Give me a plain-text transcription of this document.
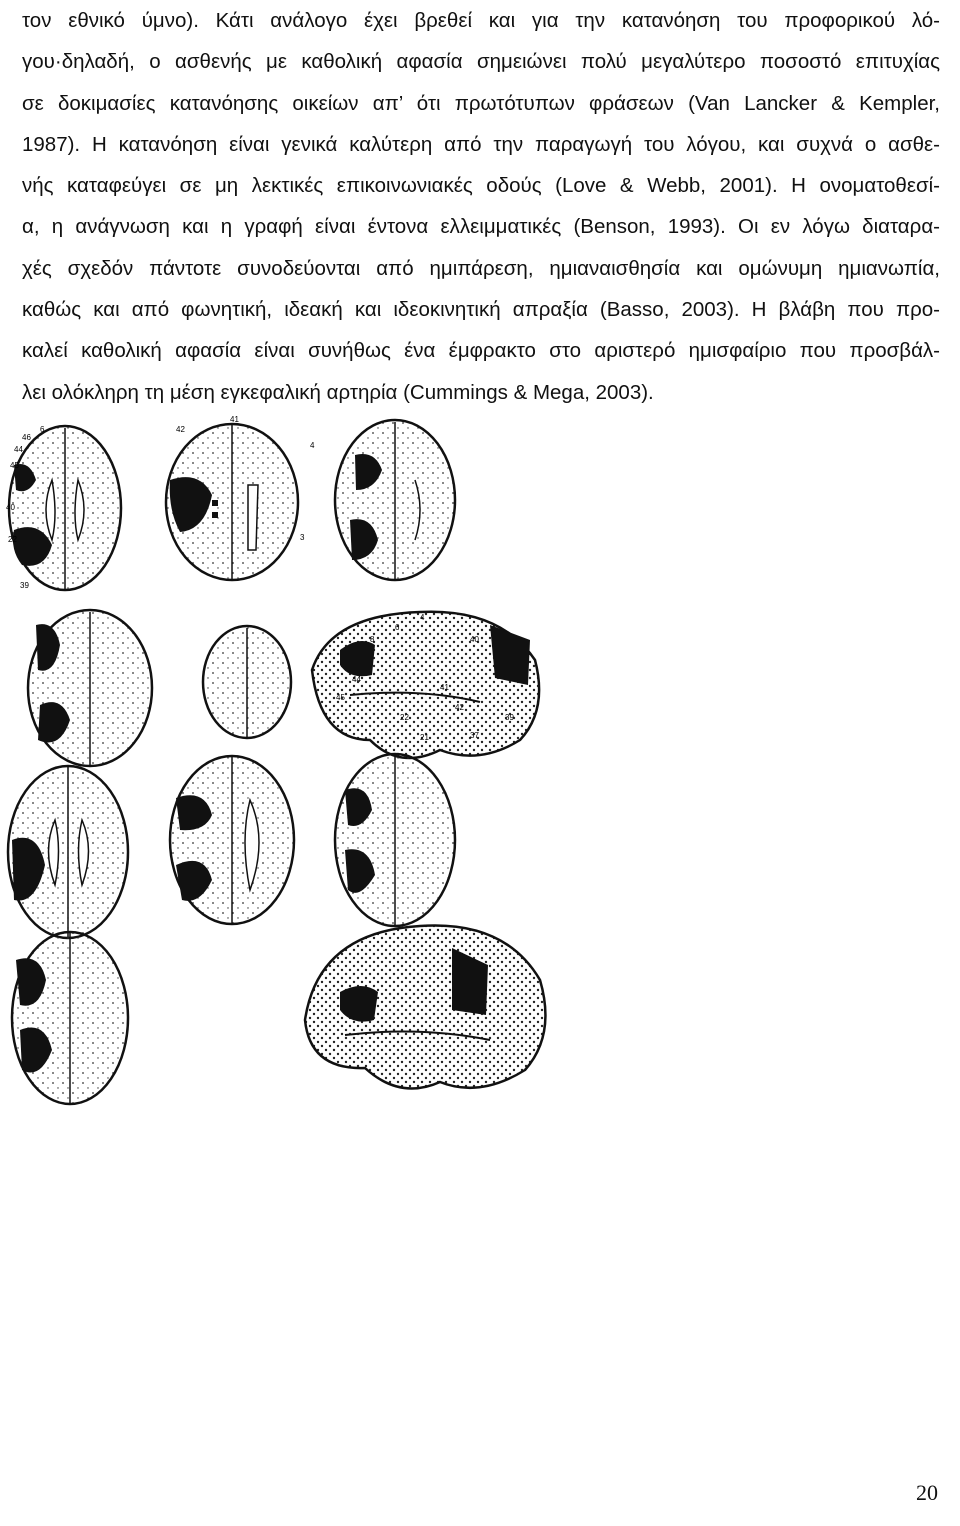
τον εθνικό ύμνο). Κάτι ανάλογο έχει βρεθεί και για την κατανόηση του προφορικού λό-
γου·δηλαδή, ο ασθενής με καθολική αφασία σημειώνει πολύ μεγαλύτερο ποσοστό επιτυχίας
σε δοκιμασίες κατανόησης οικείων απ’ ότι πρωτότυπων φράσεων (Van Lancker & Kempler,
1987). Η κατανόηση είναι γενικά καλύτερη από την παραγωγή του λόγου, και συχνά ο ασθε-
νής καταφεύγει σε μη λεκτικές επικοινωνιακές οδούς (Love & Webb, 2001). Η ονοματοθεσί-
α, η ανάγνωση και η γραφή είναι έντονα ελλειμματικές (Benson, 1993). Οι εν λόγω διαταρα-
χές σχεδόν πάντοτε συνοδεύονται από ημιπάρεση, ημιαναισθησία και ομώνυμη ημιανωπία,
καθώς και από φωνητική, ιδεακή και ιδεοκινητική απραξία (Basso, 2003). Η βλάβη που προ-
καλεί καθολική αφασία είναι συνήθως ένα έμφρακτο στο αριστερό ημισφαίριο που προσβάλ-
λει ολόκληρη τη μέση εγκεφαλική αρτηρία (Cummings & Mega, 2003).
46
44
45
6
40
39
22
42
41
4
3
4
6
8
44
45
40
22
37
39
21
41
42
20
